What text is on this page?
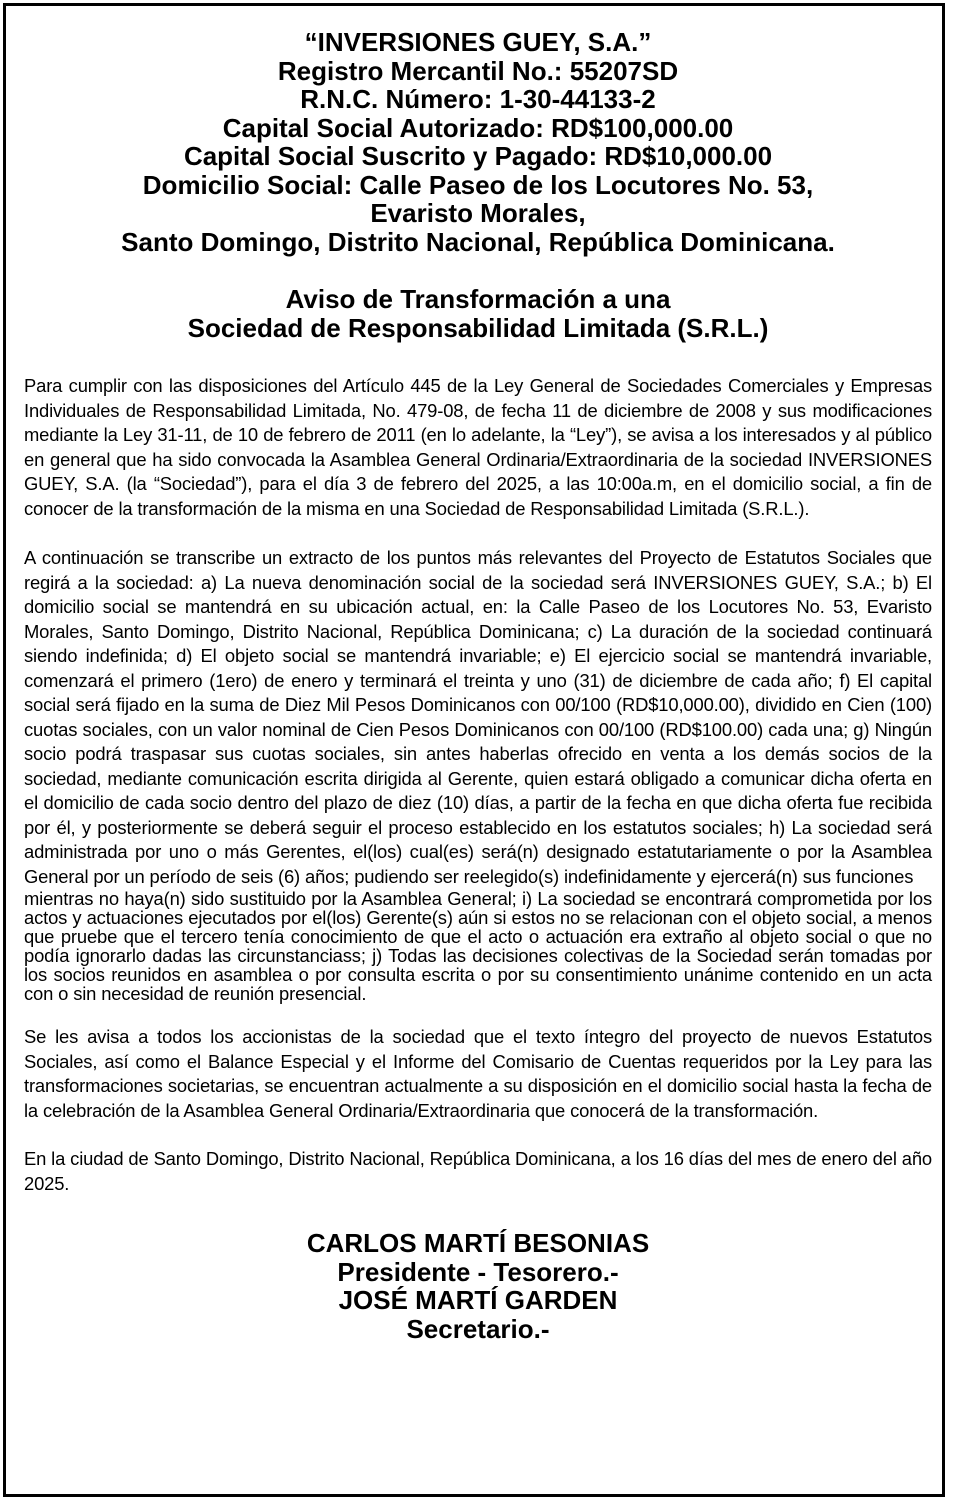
“INVERSIONES GUEY, S.A.”
Registro Mercantil No.: 55207SD
R.N.C. Número: 1-30-44133-2
Capital Social Autorizado: RD$100,000.00
Capital Social Suscrito y Pagado: RD$10,000.00
Domicilio Social: Calle Paseo de los Locutores No. 53,
Evaristo Morales,
Santo Domingo, Distrito Nacional, República Dominicana.
Aviso de Transformación a una
Sociedad de Responsabilidad Limitada (S.R.L.)

Para cumplir con las disposiciones del Artículo 445 de la Ley General de Sociedades Comerciales y Empresas Individuales de Responsabilidad Limitada, No. 479-08, de fecha 11 de diciembre de 2008 y sus modificaciones mediante la Ley 31-11, de 10 de febrero de 2011 (en lo adelante, la “Ley”), se avisa a los interesados y al público en general que ha sido convocada la Asamblea General Ordinaria/Extraordinaria de la sociedad INVERSIONES GUEY, S.A. (la “Sociedad”), para el día 3 de febrero del 2025, a las 10:00a.m, en el domicilio social, a fin de conocer de la transformación de la misma en una Sociedad de Responsabilidad Limitada (S.R.L.).

A continuación se transcribe un extracto de los puntos más relevantes del Proyecto de Estatutos Sociales que regirá a la sociedad: a) La nueva denominación social de la sociedad será INVERSIONES GUEY, S.A.; b) El domicilio social se mantendrá en su ubicación actual, en: la Calle Paseo de los Locutores No. 53, Evaristo Morales, Santo Domingo, Distrito Nacional, República Dominicana; c) La duración de la sociedad continuará siendo indefinida; d) El objeto social se mantendrá invariable; e) El ejercicio social se mantendrá invariable, comenzará el primero (1ero) de enero y terminará el treinta y uno (31) de diciembre de cada año; f) El capital social será fijado en la suma de Diez Mil Pesos Dominicanos con 00/100 (RD$10,000.00), dividido en Cien (100) cuotas sociales, con un valor nominal de Cien Pesos Dominicanos con 00/100 (RD$100.00) cada una; g) Ningún socio podrá traspasar sus cuotas sociales, sin antes haberlas ofrecido en venta a los demás socios de la sociedad, mediante comunicación escrita dirigida al Gerente, quien estará obligado a comunicar dicha oferta en el domicilio de cada socio dentro del plazo de diez (10) días, a partir de la fecha en que dicha oferta fue recibida por él, y posteriormente se deberá seguir el proceso establecido en los estatutos sociales; h) La sociedad será administrada por uno o más Gerentes, el(los) cual(es) será(n) designado estatutariamente o por la Asamblea General por un período de seis (6) años; pudiendo ser reelegido(s) indefinidamente y ejercerá(n) sus funciones
mientras no haya(n) sido sustituido por la Asamblea General; i) La sociedad se encontrará comprometida por los actos y actuaciones ejecutados por el(los) Gerente(s) aún si estos no se relacionan con el objeto social, a menos que pruebe que el tercero tenía conocimiento de que el acto o actuación era extraño al objeto social o que no podía ignorarlo dadas las circunstanciass; j) Todas las decisiones colectivas de la Sociedad serán tomadas por los socios reunidos en asamblea o por consulta escrita o por su consentimiento unánime contenido en un acta con o sin necesidad de reunión presencial.

Se les avisa a todos los accionistas de la sociedad que el texto íntegro del proyecto de nuevos Estatutos Sociales, así como el Balance Especial y el Informe del Comisario de Cuentas requeridos por la Ley para las transformaciones societarias, se encuentran actualmente a su disposición en el domicilio social hasta la fecha de la celebración de la Asamblea General Ordinaria/Extraordinaria que conocerá de la transformación.

En la ciudad de Santo Domingo, Distrito Nacional, República Dominicana, a los 16 días del mes de enero del año 2025.

CARLOS MARTÍ BESONIAS
Presidente - Tesorero.-
JOSÉ MARTÍ GARDEN
Secretario.-
